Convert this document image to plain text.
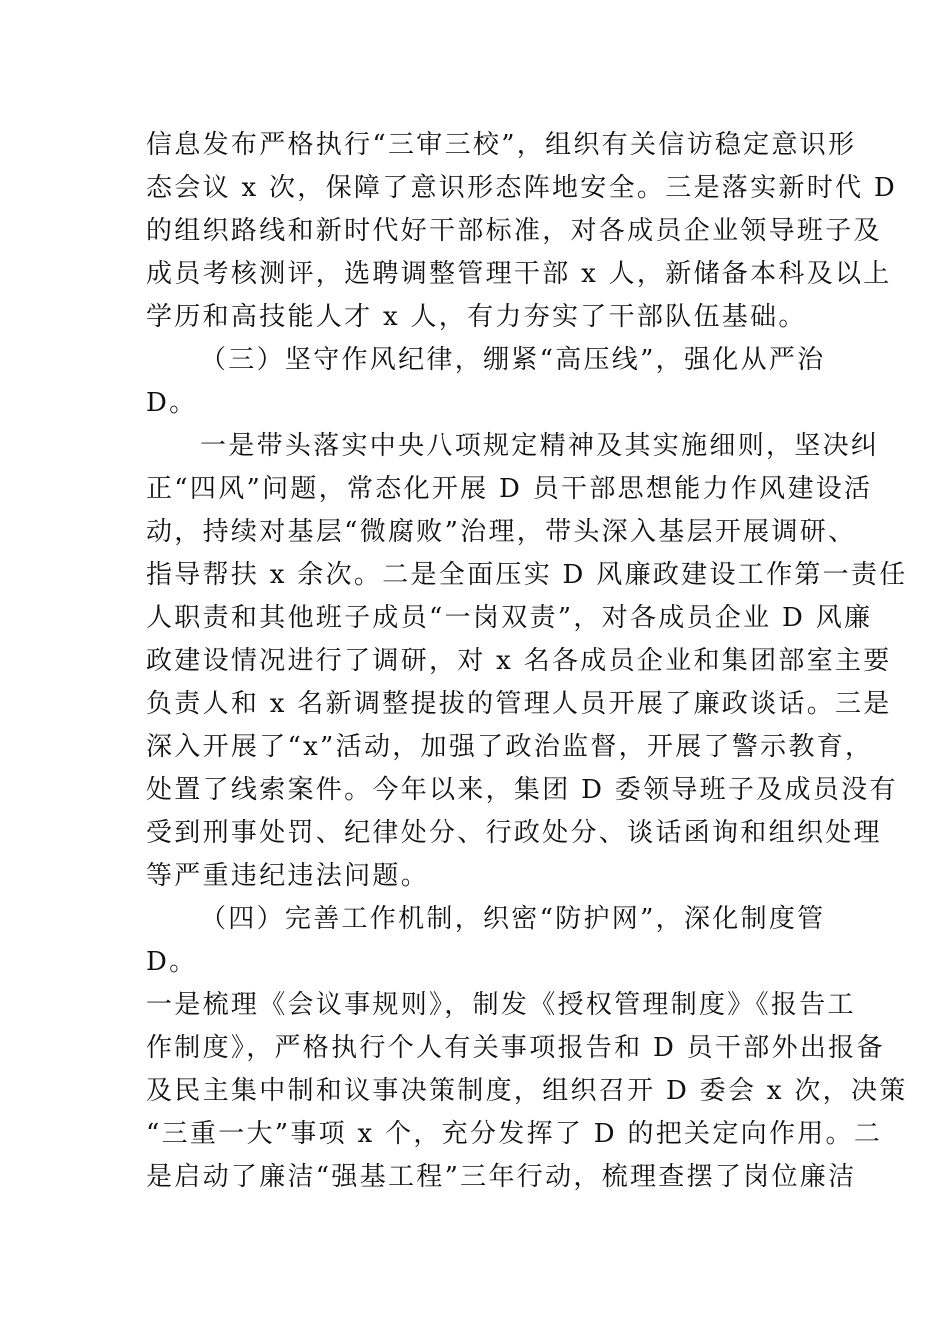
信息发布严格执行“三审三校”，组织有关信访稳定意识形
态会议 x 次，保障了意识形态阵地安全。三是落实新时代 D
的组织路线和新时代好干部标准，对各成员企业领导班子及
成员考核测评，选聘调整管理干部 x 人，新储备本科及以上
学历和高技能人才 x 人，有力夯实了干部队伍基础。
（三）坚守作风纪律，绷紧“高压线”，强化从严治
D。
一是带头落实中央八项规定精神及其实施细则，坚决纠
正“四风”问题，常态化开展 D 员干部思想能力作风建设活
动，持续对基层“微腐败”治理，带头深入基层开展调研、
指导帮扶 x 余次。二是全面压实 D 风廉政建设工作第一责任
人职责和其他班子成员“一岗双责”，对各成员企业 D 风廉
政建设情况进行了调研，对 x 名各成员企业和集团部室主要
负责人和 x 名新调整提拔的管理人员开展了廉政谈话。三是
深入开展了“x”活动，加强了政治监督，开展了警示教育，
处置了线索案件。今年以来，集团 D 委领导班子及成员没有
受到刑事处罚、纪律处分、行政处分、谈话函询和组织处理
等严重违纪违法问题。
（四）完善工作机制，织密“防护网”，深化制度管
D。
一是梳理《会议事规则》，制发《授权管理制度》《报告工
作制度》，严格执行个人有关事项报告和 D 员干部外出报备
及民主集中制和议事决策制度，组织召开 D 委会 x 次，决策
“三重一大”事项 x 个，充分发挥了 D 的把关定向作用。二
是启动了廉洁“强基工程”三年行动，梳理查摆了岗位廉洁
